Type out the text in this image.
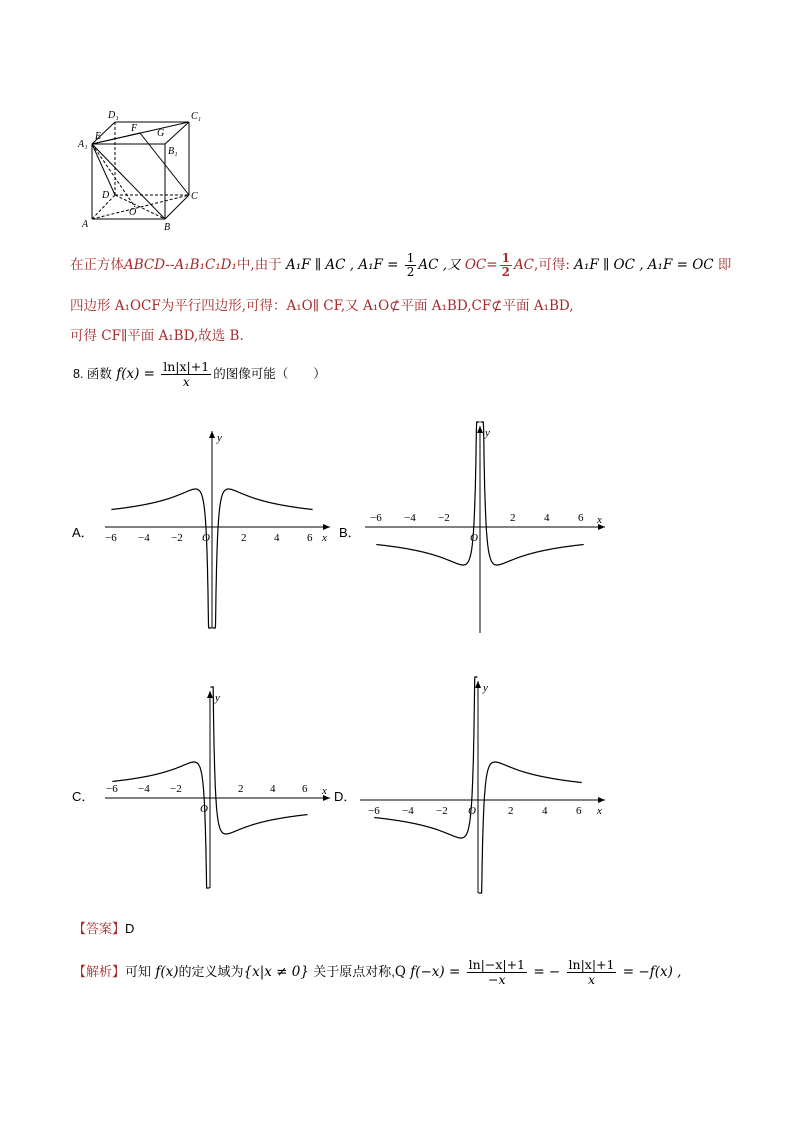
D₁	C₁
A₁
B₁
E
F G
D	C
A	B
O
在正方体ABCD--A₁B₁C₁D₁中,由于 A₁F ∥ AC , $A_1F = \frac{1}{2}$ AC ,又 $OC= \frac{1}{2}$ AC,可得: A₁F ∥ OC , A₁F = OC 即
四边形 A₁OCF为平行四边形,可得：A₁O∥ CF,又 A₁O⊄平面 A₁BD,CF⊄平面 A₁BD,
可得 CF∥平面 A₁BD,故选 B.
8. 函数 $f(x) = \frac{\ln|x|+1}{x}$ 的图像可能（　　）
A．	B．
C．	D．
x
y
O	2	4	6
−6 −4 −2
x
y
O
2	4	6
−6 −4 −2
x
y
O
2 4 6
−6 −4 −2
x
y
O	2	4	6
−6 −4 −2
【答案】D
【解析】可知 f(x)的定义域为{x|x ≠ 0} 关于原点对称,Q $f(-x) = \frac{\ln|-x|+1}{-x}$ = − $\frac{\ln|x|+1}{x} = -f(x)$ ,
